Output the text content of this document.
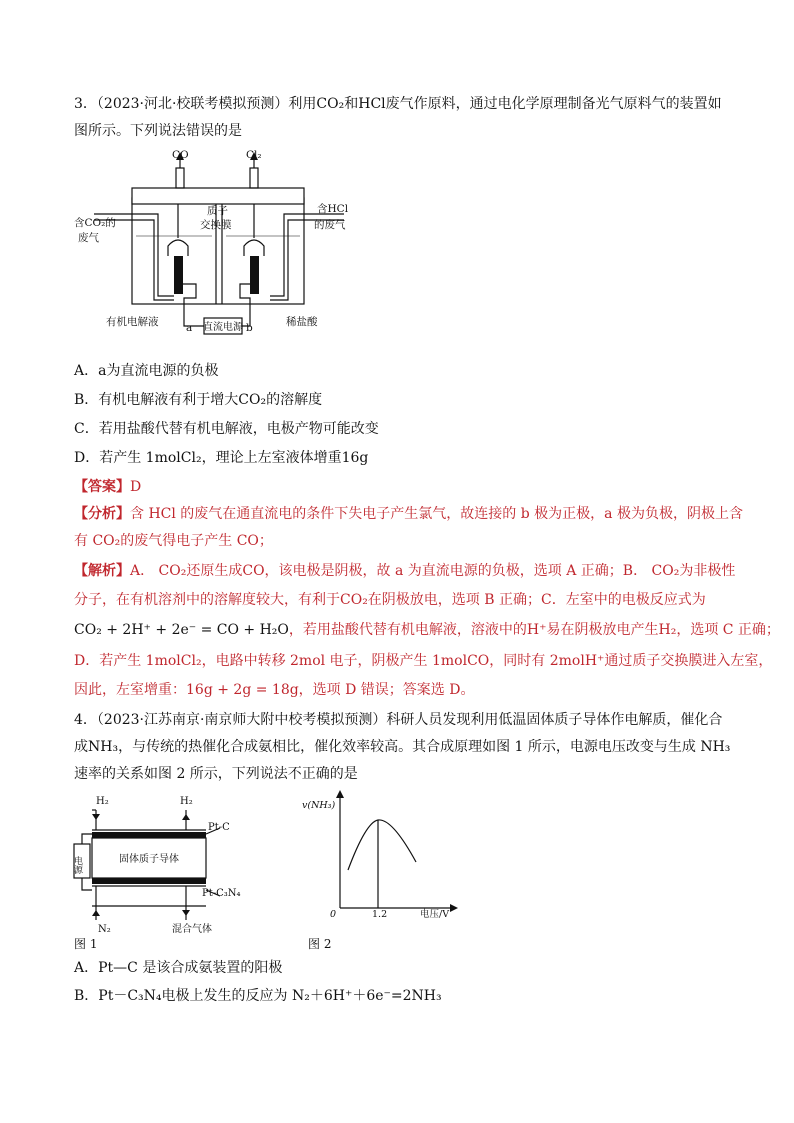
3．（2023·河北·校联考模拟预测）利用CO₂和HCl废气作原料，通过电化学原理制备光气原料气的装置如
图所示。下列说法错误的是
CO	Cl₂
含CO₂的
废气
质子
交换膜
含HCl
的废气
有机电解液	稀盐酸
a	b
直流电源
A．a为直流电源的负极
B．有机电解液有利于增大CO₂的溶解度
C．若用盐酸代替有机电解液，电极产物可能改变
D．若产生 1molCl₂，理论上左室液体增重16g
【答案】D
【分析】含 HCl 的废气在通直流电的条件下失电子产生氯气，故连接的 b 极为正极，a 极为负极，阴极上含
有 CO₂的废气得电子产生 CO；
【解析】A． CO₂还原生成CO，该电极是阴极，故 a 为直流电源的负极，选项 A 正确；B． CO₂为非极性
分子，在有机溶剂中的溶解度较大，有利于CO₂在阴极放电，选项 B 正确；C．左室中的电极反应式为
CO₂ + 2H⁺ + 2e⁻ = CO + H₂O，若用盐酸代替有机电解液，溶液中的H⁺易在阴极放电产生H₂，选项 C 正确；
D．若产生 1molCl₂，电路中转移 2mol 电子，阴极产生 1molCO，同时有 2molH⁺通过质子交换膜进入左室，
因此，左室增重：16g + 2g = 18g，选项 D 错误；答案选 D。
4．（2023·江苏南京·南京师大附中校考模拟预测）科研人员发现利用低温固体质子导体作电解质，催化合
成NH₃，与传统的热催化合成氨相比，催化效率较高。其合成原理如图 1 所示，电源电压改变与生成 NH₃
速率的关系如图 2 所示，下列说法不正确的是
H₂	H₂
Pt-C
固体质子导体
电源
Pt-C₃N₄
N₂	混合气体
图 1
v(NH₃)
0	1.2	电压/V
图 2
A．Pt—C 是该合成氨装置的阳极
B．Pt－C₃N₄电极上发生的反应为 N₂＋6H⁺＋6e⁻=2NH₃
